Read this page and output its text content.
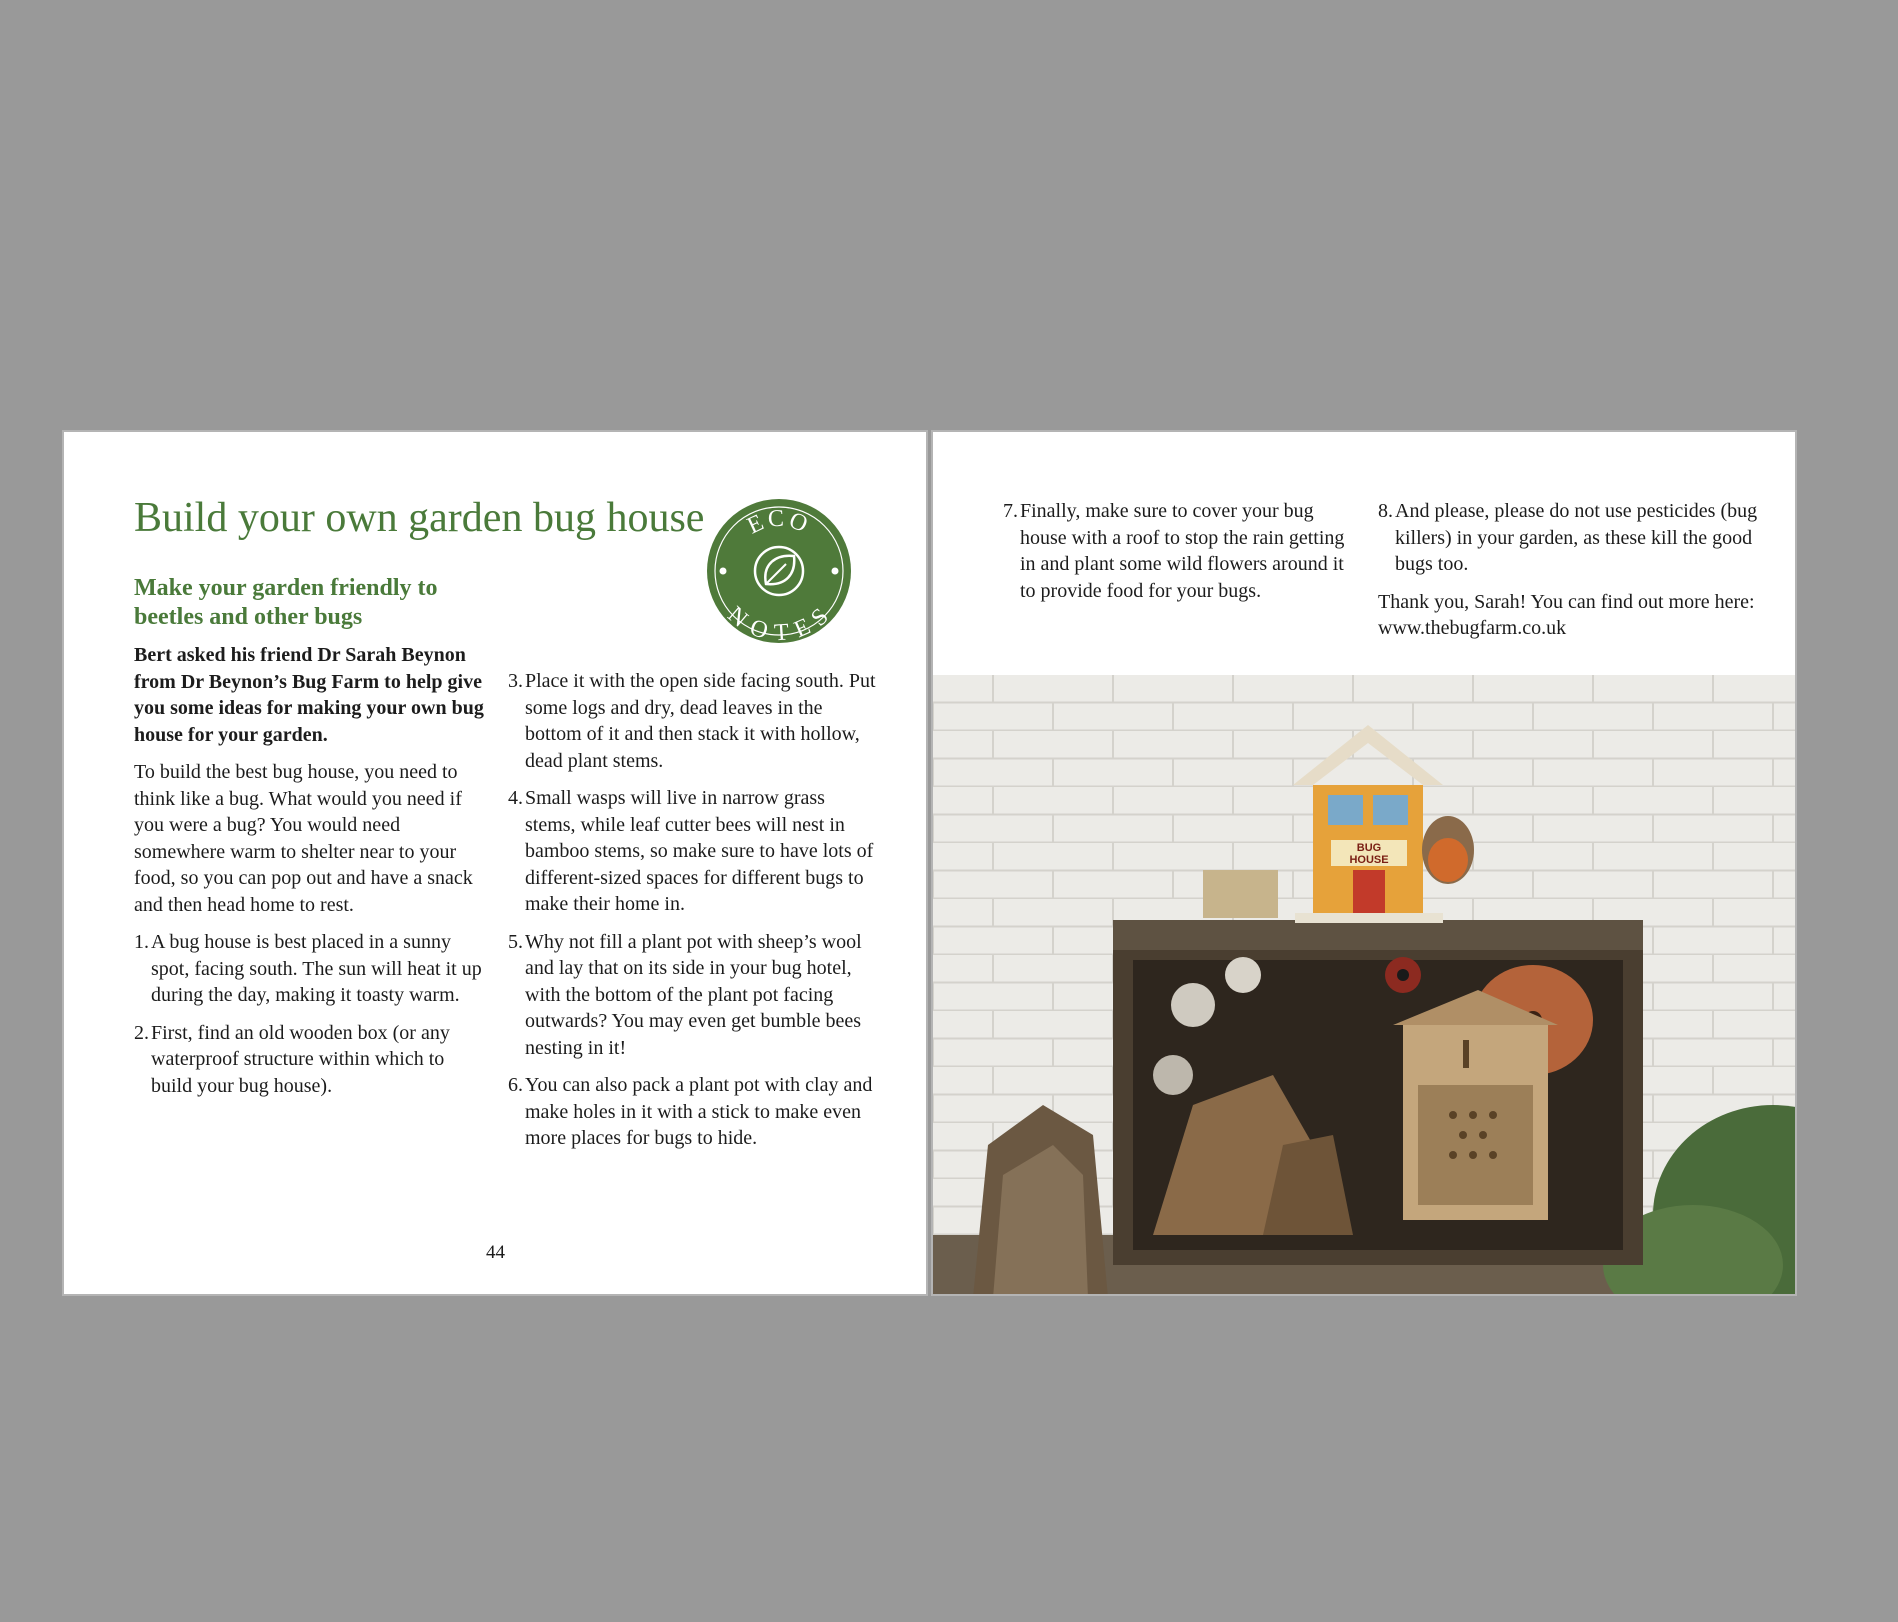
Build your own garden bug house ECO
NOTES
Make your garden friendly to beetles and other bugs

Bert asked his friend Dr Sarah Beynon from Dr Beynon’s Bug Farm to help give you some ideas for making your own bug house for your garden.

To build the best bug house, you need to think like a bug. What would you need if you were a bug? You would need somewhere warm to shelter near to your food, so you can pop out and have a snack and then head home to rest.

1. A bug house is best placed in a sunny spot, facing south. The sun will heat it up during the day, making it toasty warm.
2. First, find an old wooden box (or any waterproof structure within which to build your bug house).
3. Place it with the open side facing south. Put some logs and dry, dead leaves in the bottom of it and then stack it with hollow, dead plant stems.
4. Small wasps will live in narrow grass stems, while leaf cutter bees will nest in bamboo stems, so make sure to have lots of different-sized spaces for different bugs to make their home in.
5. Why not fill a plant pot with sheep’s wool and lay that on its side in your bug hotel, with the bottom of the plant pot facing outwards? You may even get bumble bees nesting in it!
6. You can also pack a plant pot with clay and make holes in it with a stick to make even more places for bugs to hide.
44
7. Finally, make sure to cover your bug house with a roof to stop the rain getting in and plant some wild flowers around it to provide food for your bugs.
8. And please, please do not use pesticides (bug killers) in your garden, as these kill the good bugs too.

Thank you, Sarah! You can find out more here: www.thebugfarm.co.uk

BUG
HOUSE
